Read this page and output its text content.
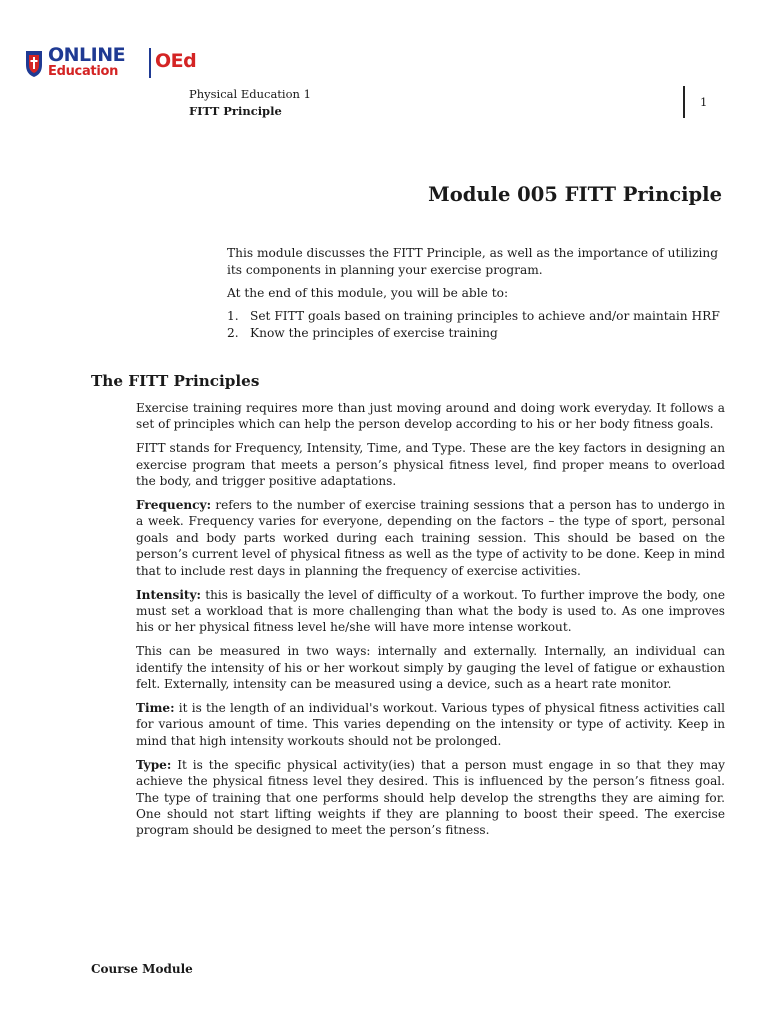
ONLINE
Education OEd
Physical Education 1
FITT Principle
1
Module 005 FITT Principle

This module discusses the FITT Principle, as well as the importance of utilizing its components in planning your exercise program.

At the end of this module, you will be able to:

1. Set FITT goals based on training principles to achieve and/or maintain HRF
2. Know the principles of exercise training
The FITT Principles

Exercise training requires more than just moving around and doing work everyday. It follows a set of principles which can help the person develop according to his or her body fitness goals.

FITT stands for Frequency, Intensity, Time, and Type. These are the key factors in designing an exercise program that meets a person’s physical fitness level, find proper means to overload the body, and trigger positive adaptations.

Frequency: refers to the number of exercise training sessions that a person has to undergo in a week. Frequency varies for everyone, depending on the factors – the type of sport, personal goals and body parts worked during each training session. This should be based on the person’s current level of physical fitness as well as the type of activity to be done. Keep in mind that to include rest days in planning the frequency of exercise activities.

Intensity: this is basically the level of difficulty of a workout. To further improve the body, one must set a workload that is more challenging than what the body is used to. As one improves his or her physical fitness level he/she will have more intense workout.

This can be measured in two ways: internally and externally. Internally, an individual can identify the intensity of his or her workout simply by gauging the level of fatigue or exhaustion felt. Externally, intensity can be measured using a device, such as a heart rate monitor.

Time: it is the length of an individual's workout. Various types of physical fitness activities call for various amount of time. This varies depending on the intensity or type of activity. Keep in mind that high intensity workouts should not be prolonged.

Type: It is the specific physical activity(ies) that a person must engage in so that they may achieve the physical fitness level they desired. This is influenced by the person’s fitness goal. The type of training that one performs should help develop the strengths they are aiming for. One should not start lifting weights if they are planning to boost their speed. The exercise program should be designed to meet the person’s fitness.

Course Module
